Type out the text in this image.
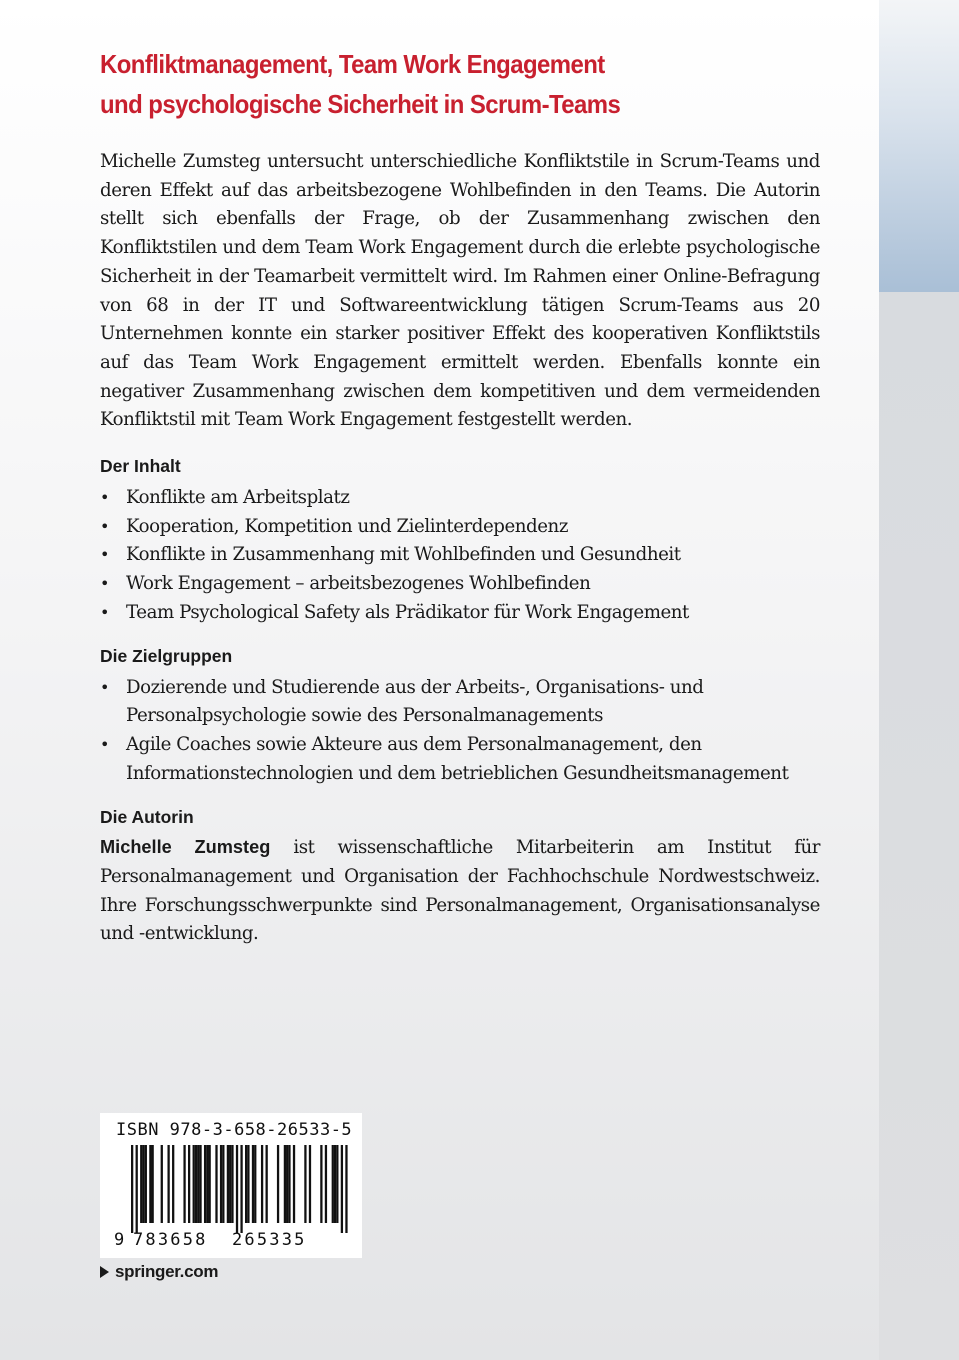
Konfliktmanagement, Team Work Engagement
und psychologische Sicherheit in Scrum-Teams

Michelle Zumsteg untersucht unterschiedliche Konfliktstile in Scrum-Teams und deren Effekt auf das arbeitsbezogene Wohlbefinden in den Teams. Die Autorin stellt sich ebenfalls der Frage, ob der Zusammenhang zwischen den Konfliktstilen und dem Team Work Engagement durch die erlebte psychologische Sicherheit in der Teamarbeit vermittelt wird. Im Rahmen einer Online-Befragung von 68 in der IT und Softwareentwicklung tätigen Scrum-Teams aus 20 Unternehmen konnte ein starker positiver Effekt des kooperativen Konfliktstils auf das Team Work Engagement ermittelt werden. Ebenfalls konnte ein negativer Zusammenhang zwischen dem kompetitiven und dem vermeidenden Konfliktstil mit Team Work Engagement festgestellt werden.

Der Inhalt
• Konflikte am Arbeitsplatz
• Kooperation, Kompetition und Zielinterdependenz
• Konflikte in Zusammenhang mit Wohlbefinden und Gesundheit
• Work Engagement – arbeitsbezogenes Wohlbefinden
• Team Psychological Safety als Prädikator für Work Engagement
Die Zielgruppen
• Dozierende und Studierende aus der Arbeits-, Organisations- und Personalpsychologie sowie des Personalmanagements
• Agile Coaches sowie Akteure aus dem Personalmanagement, den Informationstechnologien und dem betrieblichen Gesundheitsmanagement
Die Autorin

Michelle Zumsteg ist wissenschaftliche Mitarbeiterin am Institut für Personalmanagement und Organisation der Fachhochschule Nordwestschweiz. Ihre Forschungsschwerpunkte sind Personalmanagement, Organisationsanalyse und -entwicklung.

ISBN 978-3-658-26533-5
9 783658 265335
springer.com
